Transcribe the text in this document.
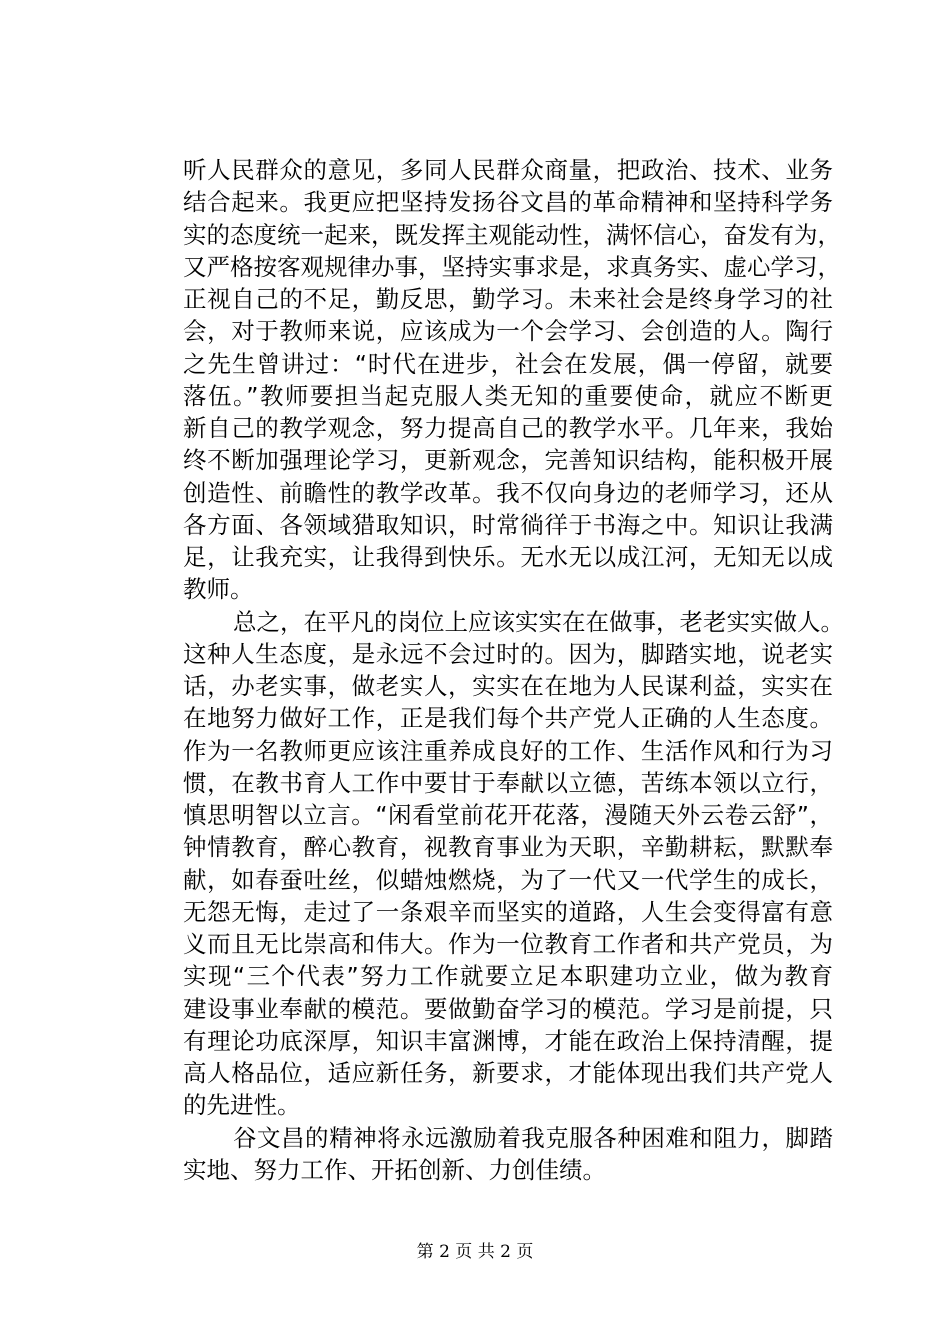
听人民群众的意见，多同人民群众商量，把政治、技术、业务
结合起来。我更应把坚持发扬谷文昌的革命精神和坚持科学务
实的态度统一起来，既发挥主观能动性，满怀信心，奋发有为，
又严格按客观规律办事，坚持实事求是，求真务实、虚心学习，
正视自己的不足，勤反思，勤学习。未来社会是终身学习的社
会，对于教师来说，应该成为一个会学习、会创造的人。陶行
之先生曾讲过：“时代在进步，社会在发展，偶一停留，就要
落伍。”教师要担当起克服人类无知的重要使命，就应不断更
新自己的教学观念，努力提高自己的教学水平。几年来，我始
终不断加强理论学习，更新观念，完善知识结构，能积极开展
创造性、前瞻性的教学改革。我不仅向身边的老师学习，还从
各方面、各领域猎取知识，时常徜徉于书海之中。知识让我满
足，让我充实，让我得到快乐。无水无以成江河，无知无以成
教师。
总之，在平凡的岗位上应该实实在在做事，老老实实做人。
这种人生态度，是永远不会过时的。因为，脚踏实地，说老实
话，办老实事，做老实人，实实在在地为人民谋利益，实实在
在地努力做好工作，正是我们每个共产党人正确的人生态度。
作为一名教师更应该注重养成良好的工作、生活作风和行为习
惯，在教书育人工作中要甘于奉献以立德，苦练本领以立行，
慎思明智以立言。“闲看堂前花开花落，漫随天外云卷云舒”，
钟情教育，醉心教育，视教育事业为天职，辛勤耕耘，默默奉
献，如春蚕吐丝，似蜡烛燃烧，为了一代又一代学生的成长，
无怨无悔，走过了一条艰辛而坚实的道路，人生会变得富有意
义而且无比崇高和伟大。作为一位教育工作者和共产党员，为
实现“三个代表”努力工作就要立足本职建功立业，做为教育
建设事业奉献的模范。要做勤奋学习的模范。学习是前提，只
有理论功底深厚，知识丰富渊博，才能在政治上保持清醒，提
高人格品位，适应新任务，新要求，才能体现出我们共产党人
的先进性。
谷文昌的精神将永远激励着我克服各种困难和阻力，脚踏
实地、努力工作、开拓创新、力创佳绩。
第 2 页 共 2 页
